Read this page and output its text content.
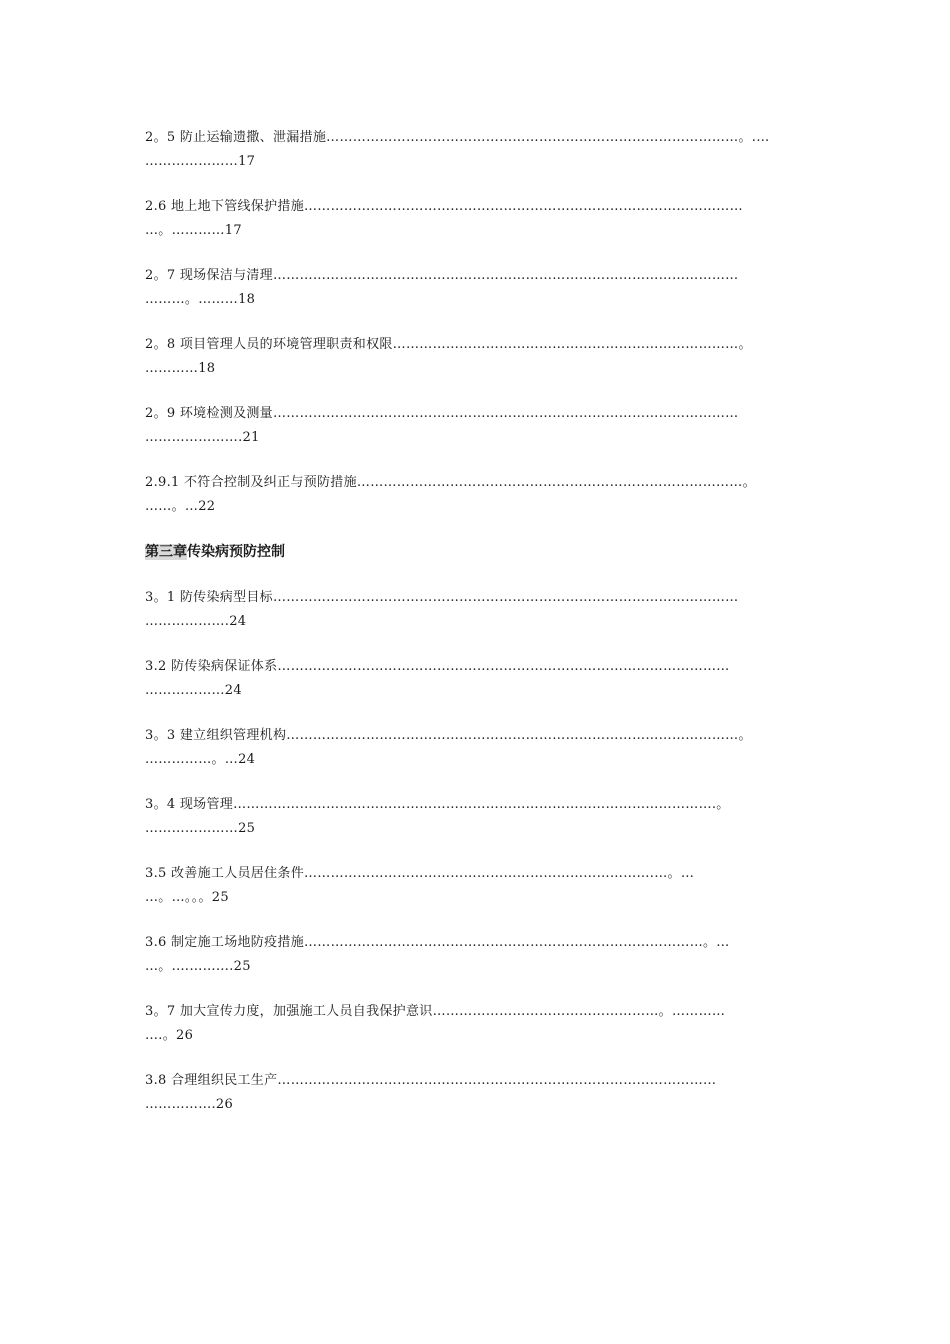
2。5 防止运输遗撒、泄漏措施…………………………………………………………………………………。.…
…………………17
2.6 地上地下管线保护措施………………………………………………………………………………………
…。…………17
2。7 现场保洁与清理……………………………………………………………………………………………
………。………18
2。8 项目管理人员的环境管理职责和权限……………………………………………………………………。
…………18
2。9 环境检测及测量……………………………………………………………………………………………
………………….21
2.9.1 不符合控制及纠正与预防措施……………………………………………………………………………。
……。…22
第三章传染病预防控制
3。1 防传染病型目标……………………………………………………………………………………………
……………….24
3.2 防传染病保证体系…………………………………………………………………………………………
………………24
3。3 建立组织管理机构…………………………………………………………………………………………。
……………。…24
3。4 现场管理……………………………………………………………………………………………….。
…………………25
3.5 改善施工人员居住条件…………………………………………………………………….…。…
…。…。。。25
3.6 制定施工场地防疫措施………………………………………………………………………………。…
…。.………….25
3。7 加大宣传力度，加强施工人员自我保护意识……………………………………………。…………
….。26
3.8 合理组织民工生产………………………………………………………………………………………
…………….26
